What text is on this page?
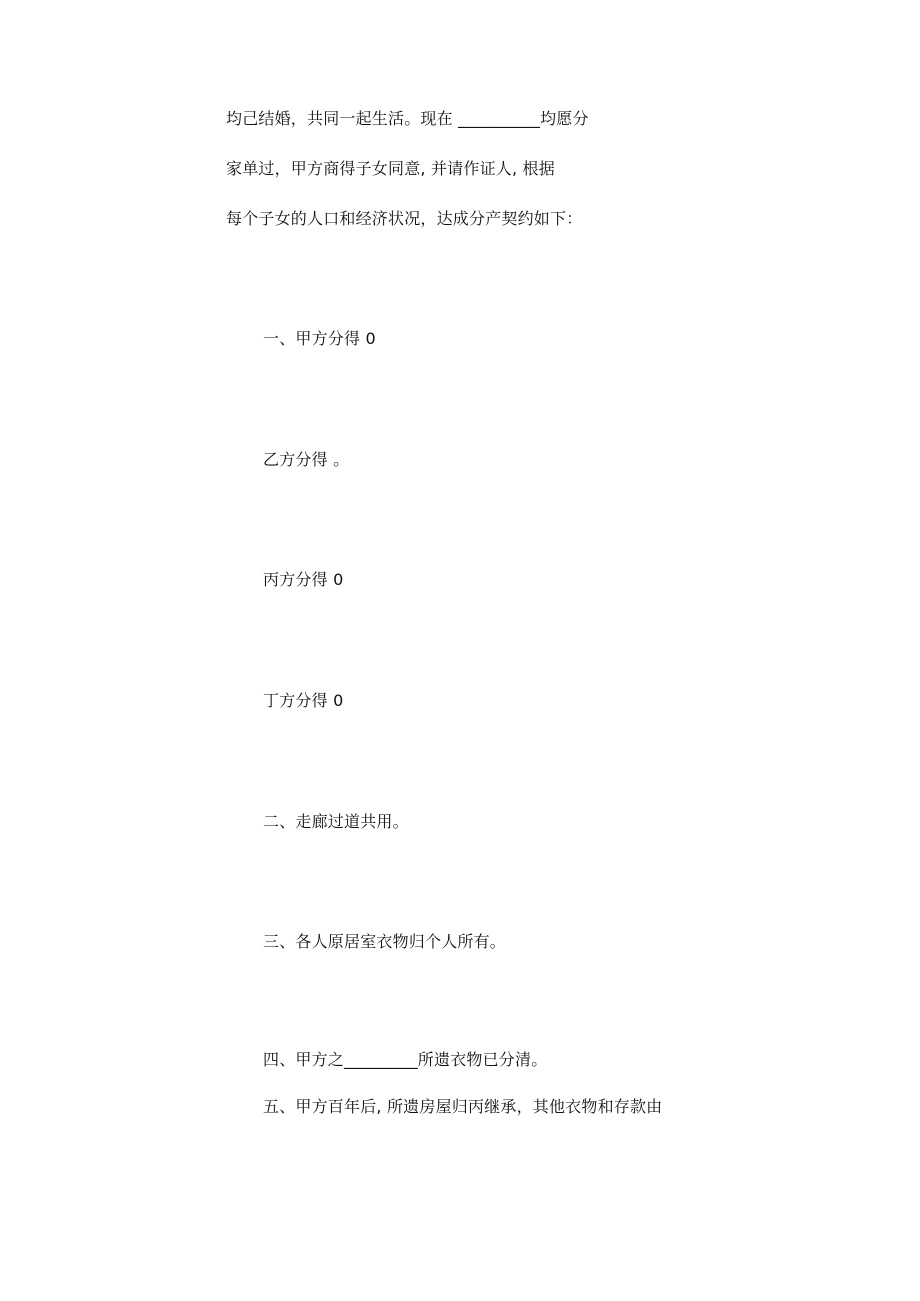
均己结婚，共同一起生活。现在 __________均愿分
家单过，甲方商得子女同意, 并请作证人, 根据
每个子女的人口和经济状况，达成分产契约如下：
一、甲方分得 0
乙方分得 。
丙方分得 0
丁方分得 0
二、走廊过道共用。
三、各人原居室衣物归个人所有。
四、甲方之_________所遗衣物已分清。
五、甲方百年后, 所遗房屋归丙继承，其他衣物和存款由
